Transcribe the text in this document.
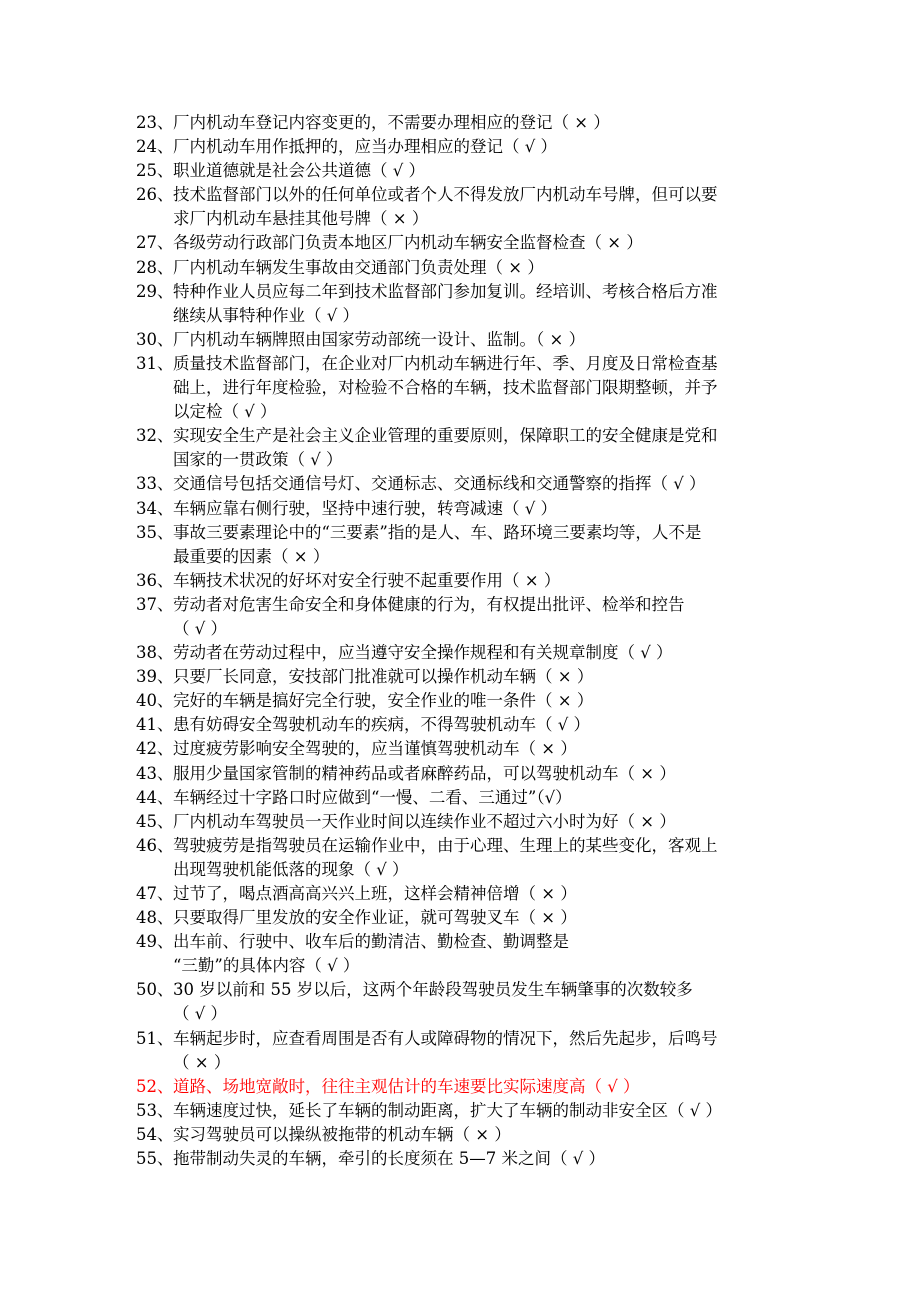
23、 厂内机动车登记内容变更的，不需要办理相应的登记（ × ）
24、 厂内机动车用作抵押的，应当办理相应的登记（ √ ）
25、 职业道德就是社会公共道德（ √ ）
26、 技术监督部门以外的任何单位或者个人不得发放厂内机动车号牌，但可以要
求厂内机动车悬挂其他号牌（ × ）
27、 各级劳动行政部门负责本地区厂内机动车辆安全监督检查（ × ）
28、 厂内机动车辆发生事故由交通部门负责处理（ × ）
29、 特种作业人员应每二年到技术监督部门参加复训。经培训、考核合格后方准
继续从事特种作业（ √ ）
30、 厂内机动车辆牌照由国家劳动部统一设计、监制。（ × ）
31、 质量技术监督部门，在企业对厂内机动车辆进行年、季、月度及日常检查基
础上，进行年度检验，对检验不合格的车辆，技术监督部门限期整顿，并予
以定检（ √ ）
32、 实现安全生产是社会主义企业管理的重要原则，保障职工的安全健康是党和
国家的一贯政策（ √ ）
33、 交通信号包括交通信号灯、交通标志、交通标线和交通警察的指挥（ √ ）
34、 车辆应靠右侧行驶，坚持中速行驶，转弯减速（ √ ）
35、 事故三要素理论中的“三要素”指的是人、车、路环境三要素均等，人不是
最重要的因素（ × ）
36、 车辆技术状况的好坏对安全行驶不起重要作用（ × ）
37、 劳动者对危害生命安全和身体健康的行为，有权提出批评、检举和控告
（ √ ）
38、 劳动者在劳动过程中，应当遵守安全操作规程和有关规章制度（ √ ）
39、 只要厂长同意，安技部门批准就可以操作机动车辆（ × ）
40、 完好的车辆是搞好完全行驶，安全作业的唯一条件（ × ）
41、 患有妨碍安全驾驶机动车的疾病，不得驾驶机动车（ √ ）
42、 过度疲劳影响安全驾驶的，应当谨慎驾驶机动车（ × ）
43、 服用少量国家管制的精神药品或者麻醉药品，可以驾驶机动车（ × ）
44、 车辆经过十字路口时应做到“一慢、二看、三通过”（√）
45、 厂内机动车驾驶员一天作业时间以连续作业不超过六小时为好（ × ）
46、 驾驶疲劳是指驾驶员在运输作业中，由于心理、生理上的某些变化，客观上
出现驾驶机能低落的现象（ √ ）
47、 过节了，喝点酒高高兴兴上班，这样会精神倍增（ × ）
48、 只要取得厂里发放的安全作业证，就可驾驶叉车（ × ）
49、 出车前、行驶中、收车后的勤清洁、勤检查、勤调整是
“三勤”的具体内容（ √ ）
50、 30 岁以前和 55 岁以后，这两个年龄段驾驶员发生车辆肇事的次数较多
（ √ ）
51、 车辆起步时，应查看周围是否有人或障碍物的情况下，然后先起步，后鸣号
（ × ）
52、 道路、场地宽敞时，往往主观估计的车速要比实际速度高（ √ ）
53、 车辆速度过快，延长了车辆的制动距离，扩大了车辆的制动非安全区（ √ ）
54、 实习驾驶员可以操纵被拖带的机动车辆（ × ）
55、 拖带制动失灵的车辆，牵引的长度须在 5—7 米之间（ √ ）
